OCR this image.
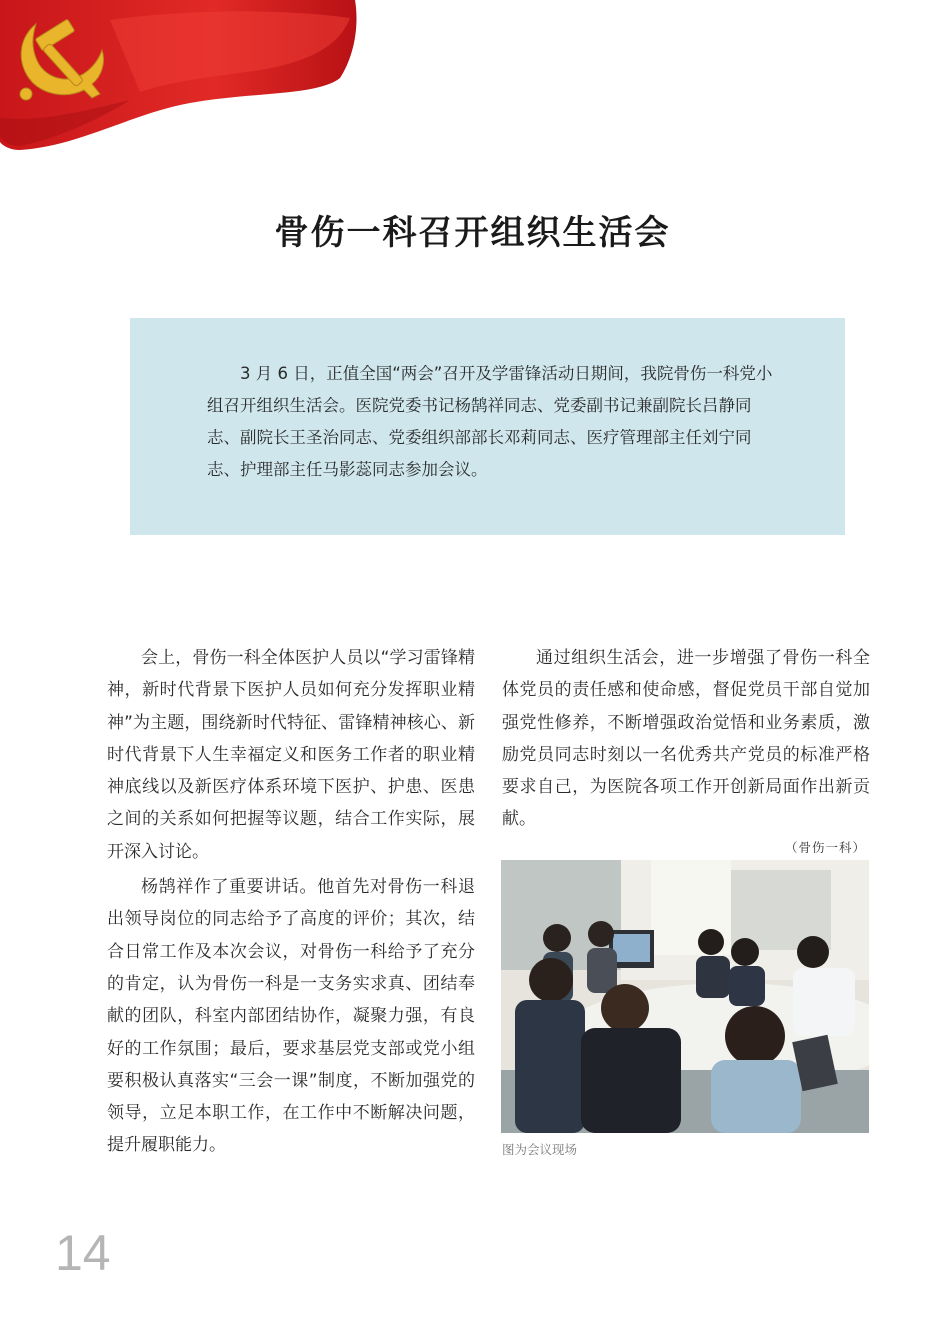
骨伤一科召开组织生活会

3 月 6 日，正值全国“两会”召开及学雷锋活动日期间，我院骨伤一科党小组召开组织生活会。医院党委书记杨鹄祥同志、党委副书记兼副院长吕静同志、副院长王圣治同志、党委组织部部长邓莉同志、医疗管理部主任刘宁同志、护理部主任马影蕊同志参加会议。

会上，骨伤一科全体医护人员以“学习雷锋精神，新时代背景下医护人员如何充分发挥职业精神”为主题，围绕新时代特征、雷锋精神核心、新时代背景下人生幸福定义和医务工作者的职业精神底线以及新医疗体系环境下医护、护患、医患之间的关系如何把握等议题，结合工作实际，展开深入讨论。

杨鹄祥作了重要讲话。他首先对骨伤一科退出领导岗位的同志给予了高度的评价；其次，结合日常工作及本次会议，对骨伤一科给予了充分的肯定，认为骨伤一科是一支务实求真、团结奉献的团队，科室内部团结协作，凝聚力强，有良好的工作氛围；最后，要求基层党支部或党小组要积极认真落实“三会一课”制度，不断加强党的领导，立足本职工作，在工作中不断解决问题，提升履职能力。

通过组织生活会，进一步增强了骨伤一科全体党员的责任感和使命感，督促党员干部自觉加强党性修养，不断增强政治觉悟和业务素质，激励党员同志时刻以一名优秀共产党员的标准严格要求自己，为医院各项工作开创新局面作出新贡献。

（骨伤一科）
图为会议现场
14
